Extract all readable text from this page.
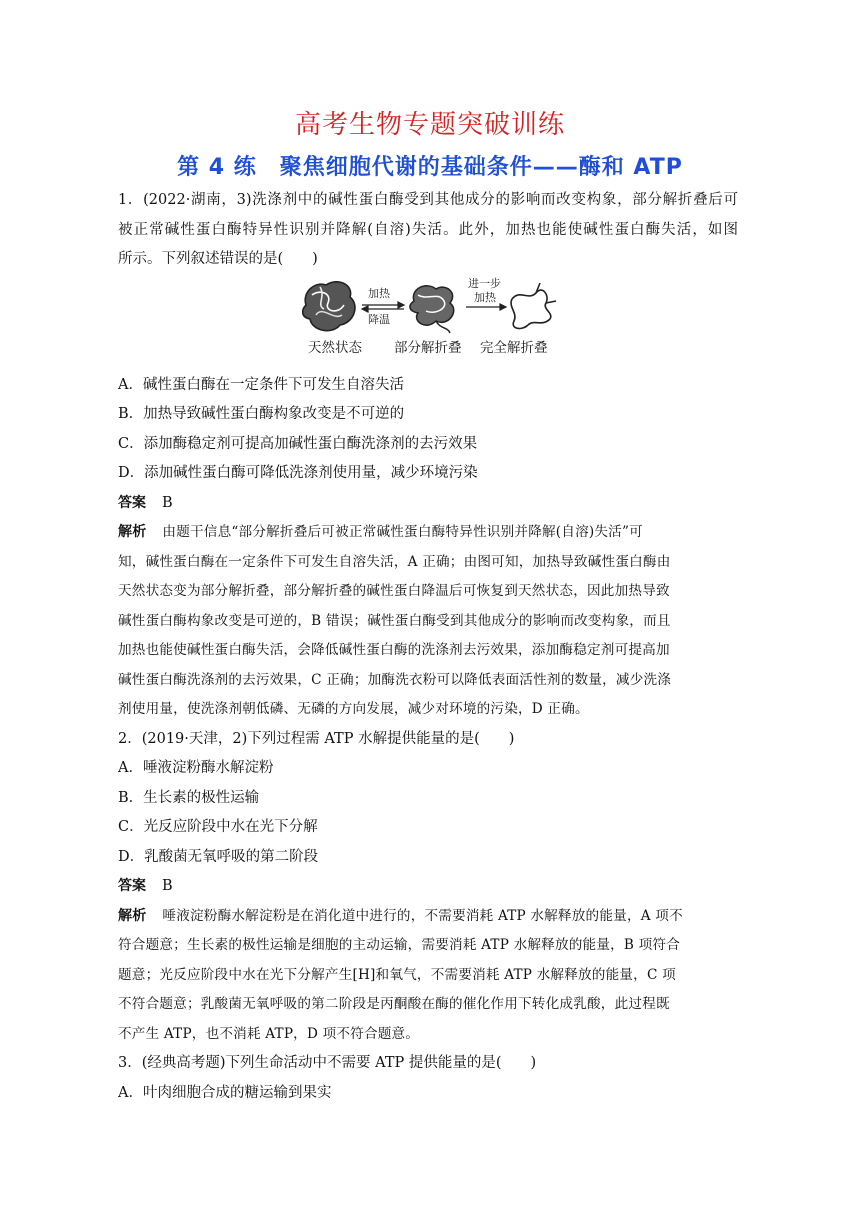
高考生物专题突破训练
第 4 练　聚焦细胞代谢的基础条件——酶和 ATP
1．(2022·湖南，3)洗涤剂中的碱性蛋白酶受到其他成分的影响而改变构象，部分解折叠后可
被正常碱性蛋白酶特异性识别并降解(自溶)失活。此外，加热也能使碱性蛋白酶失活，如图
所示。下列叙述错误的是(　　)
加热
降温
进一步
加热
天然状态 部分解折叠 完全解折叠
A．碱性蛋白酶在一定条件下可发生自溶失活
B．加热导致碱性蛋白酶构象改变是不可逆的
C．添加酶稳定剂可提高加碱性蛋白酶洗涤剂的去污效果
D．添加碱性蛋白酶可降低洗涤剂使用量，减少环境污染
答案 B
解析 由题干信息“部分解折叠后可被正常碱性蛋白酶特异性识别并降解(自溶)失活”可
知，碱性蛋白酶在一定条件下可发生自溶失活，A 正确；由图可知，加热导致碱性蛋白酶由
天然状态变为部分解折叠，部分解折叠的碱性蛋白降温后可恢复到天然状态，因此加热导致
碱性蛋白酶构象改变是可逆的，B 错误；碱性蛋白酶受到其他成分的影响而改变构象，而且
加热也能使碱性蛋白酶失活，会降低碱性蛋白酶的洗涤剂去污效果，添加酶稳定剂可提高加
碱性蛋白酶洗涤剂的去污效果，C 正确；加酶洗衣粉可以降低表面活性剂的数量，减少洗涤
剂使用量，使洗涤剂朝低磷、无磷的方向发展，减少对环境的污染，D 正确。
2．(2019·天津，2)下列过程需 ATP 水解提供能量的是(　　)
A．唾液淀粉酶水解淀粉
B．生长素的极性运输
C．光反应阶段中水在光下分解
D．乳酸菌无氧呼吸的第二阶段
答案 B
解析 唾液淀粉酶水解淀粉是在消化道中进行的，不需要消耗 ATP 水解释放的能量，A 项不
符合题意；生长素的极性运输是细胞的主动运输，需要消耗 ATP 水解释放的能量，B 项符合
题意；光反应阶段中水在光下分解产生[H]和氧气，不需要消耗 ATP 水解释放的能量，C 项
不符合题意；乳酸菌无氧呼吸的第二阶段是丙酮酸在酶的催化作用下转化成乳酸，此过程既
不产生 ATP，也不消耗 ATP，D 项不符合题意。
3．(经典高考题)下列生命活动中不需要 ATP 提供能量的是(　　)
A．叶肉细胞合成的糖运输到果实
